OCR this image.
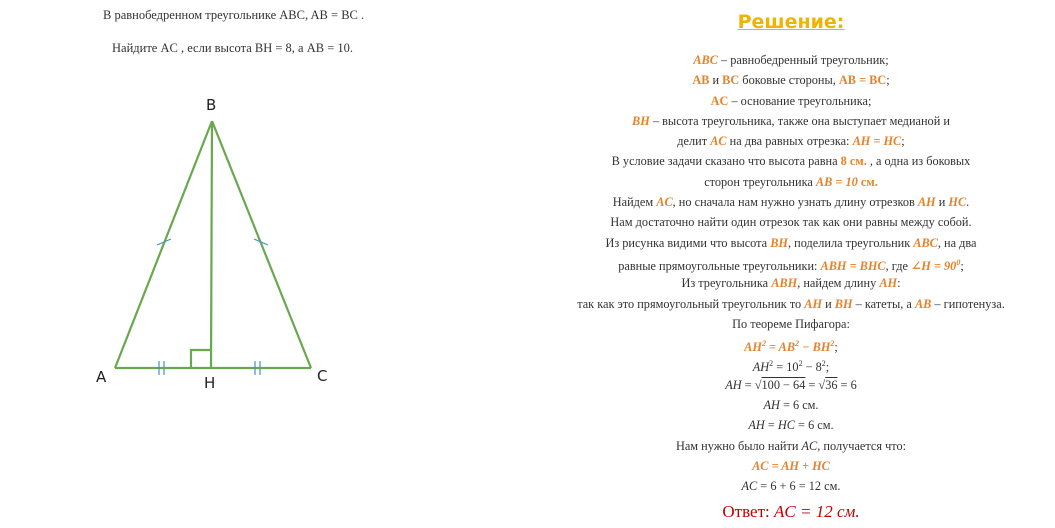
В равнобедренном треугольнике ABC, AB = BC .
Найдите AC , если высота BH = 8, а AB = 10.
B
A	H	C
Решение:
ABC – равнобедренный треугольник;
AB и BC боковые стороны, AB = BC;
AC – основание треугольника;
BH – высота треугольника, также она выступает медианой и
делит AC на два равных отрезка: AH = HC;
В условие задачи сказано что высота равна 8 см. , а одна из боковых
сторон треугольника AB = 10 см.
Найдем AC, но сначала нам нужно узнать длину отрезков AH и HC.
Нам достаточно найти один отрезок так как они равны между собой.
Из рисунка видими что высота BH, поделила треугольник ABC, на два
равные прямоугольные треугольники: ABH = BHC, где ∠H = $90^0$;
Из треугольника ABH, найдем длину AH:
так как это прямоугольный треугольник то AH и BH – катеты, а AB – гипотенуза.
По теореме Пифагора:
$AH^2 = AB^2 - BH^2$;
$AH^2 = 10^2 - 8^2$;
AH = √100 − 64 = √36 = 6
AH = 6 см.
AH = HC = 6 см.
Нам нужно было найти AC, получается что:
AC = AH + HC
AC = 6 + 6 = 12 см.
Ответ: AC = 12 см.
